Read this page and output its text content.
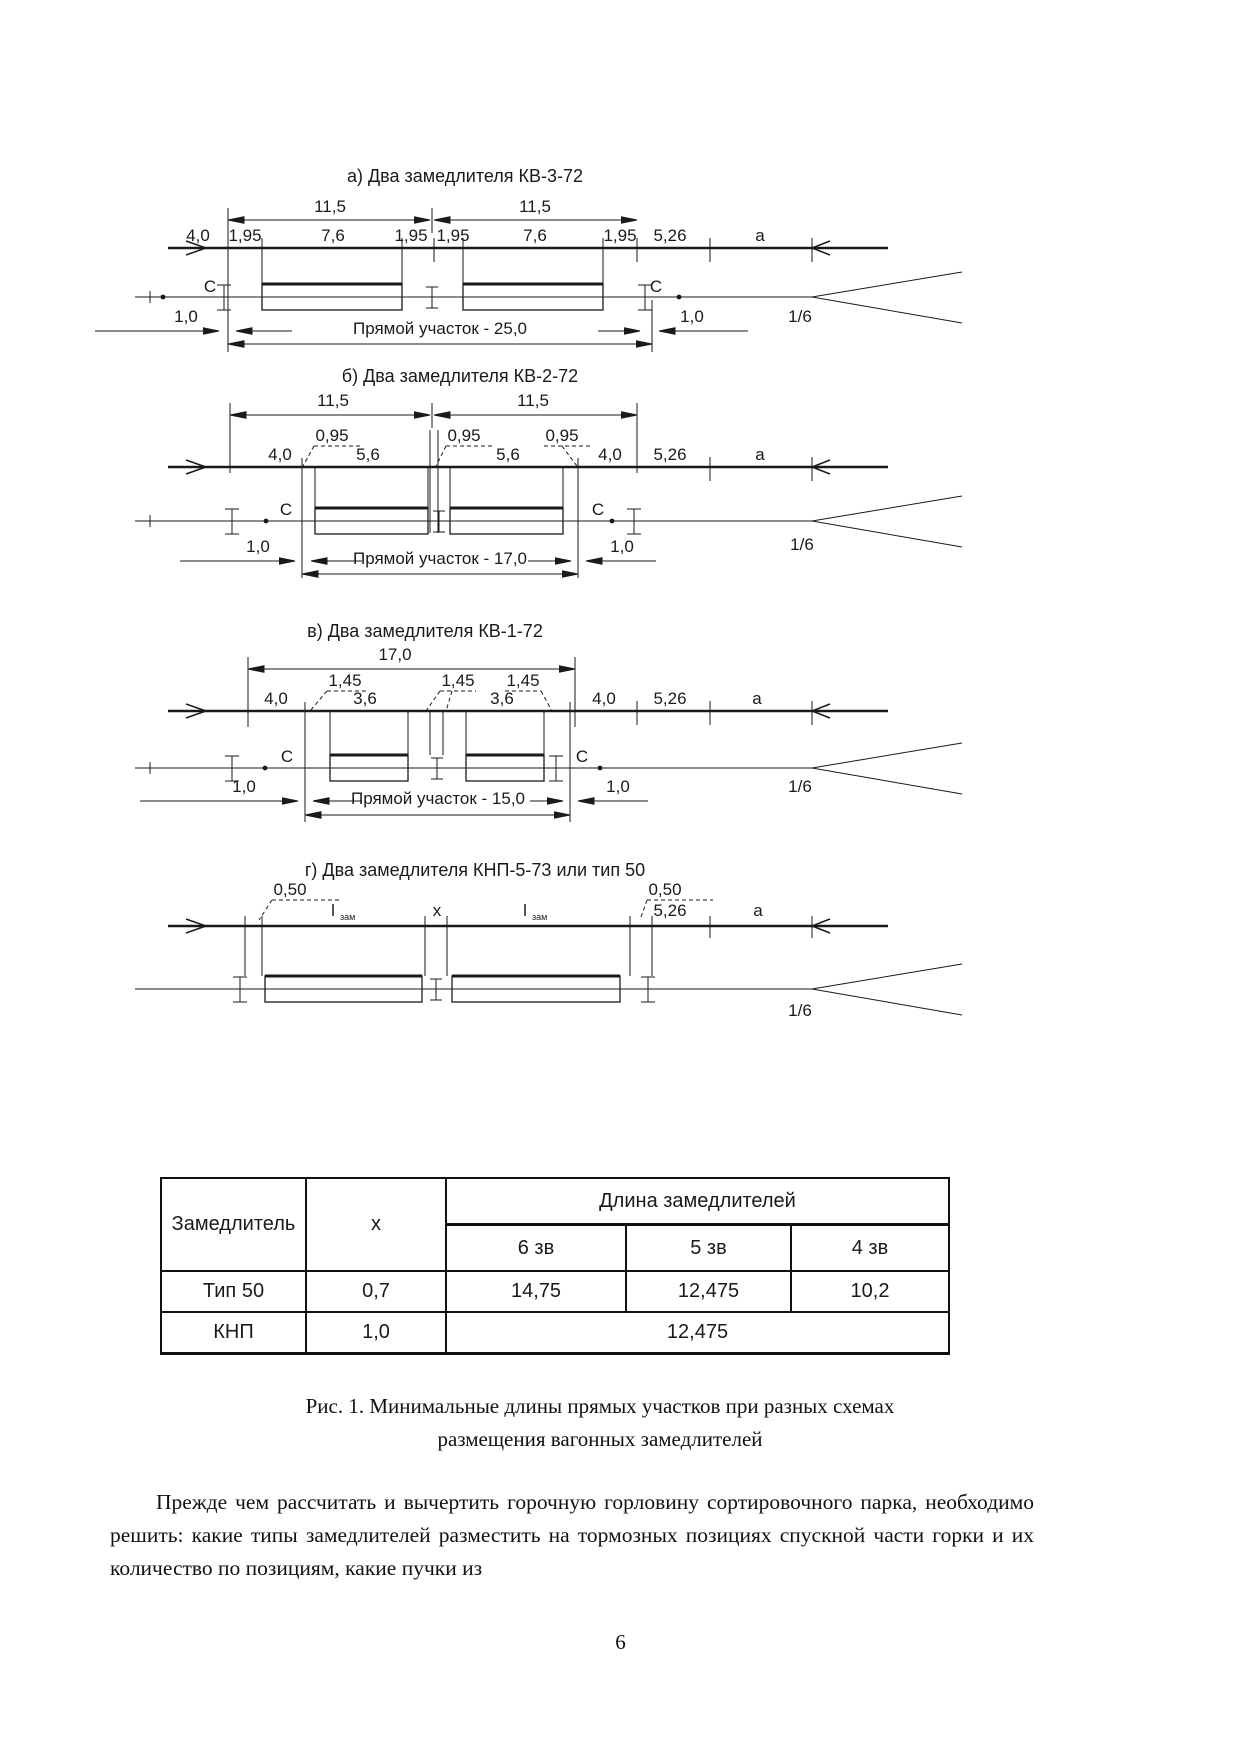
а) Два замедлителя КВ-3-72
11,5	11,5
4,0 1,95	7,6	1,95 1,95	7,6	1,95 5,26	а
С	С
1,0	1,0
Прямой участок - 25,0
1/6
б) Два замедлителя КВ-2-72
11,5	11,5
0,95	0,95	0,95
4,0	5,6	5,6	4,0 5,26	а
С	С
1,0	1,0
Прямой участок - 17,0
1/6
в) Два замедлителя КВ-1-72
17,0
1,45	1,45 1,45
4,0	3,6	3,6	4,0 5,26	а
С	С
1,0	1,0
Прямой участок - 15,0
1/6
г) Два замедлителя КНП-5-73 или тип 50
0,50	0,50
l зам	х	l зам	5,26	а
1/6
Замедлитель	х	Длина замедлителей		
		6 зв	5 зв	4 зв
Тип 50	0,7	14,75	12,475	10,2
КНП	1,0	12,475		
Рис. 1. Минимальные длины прямых участков при разных схемах
размещения вагонных замедлителей
Прежде чем рассчитать и вычертить горочную горловину сортировочного парка, необходимо решить: какие типы замедлителей разместить на тормозных позициях спускной части горки и их количество по позициям, какие пучки из
6
